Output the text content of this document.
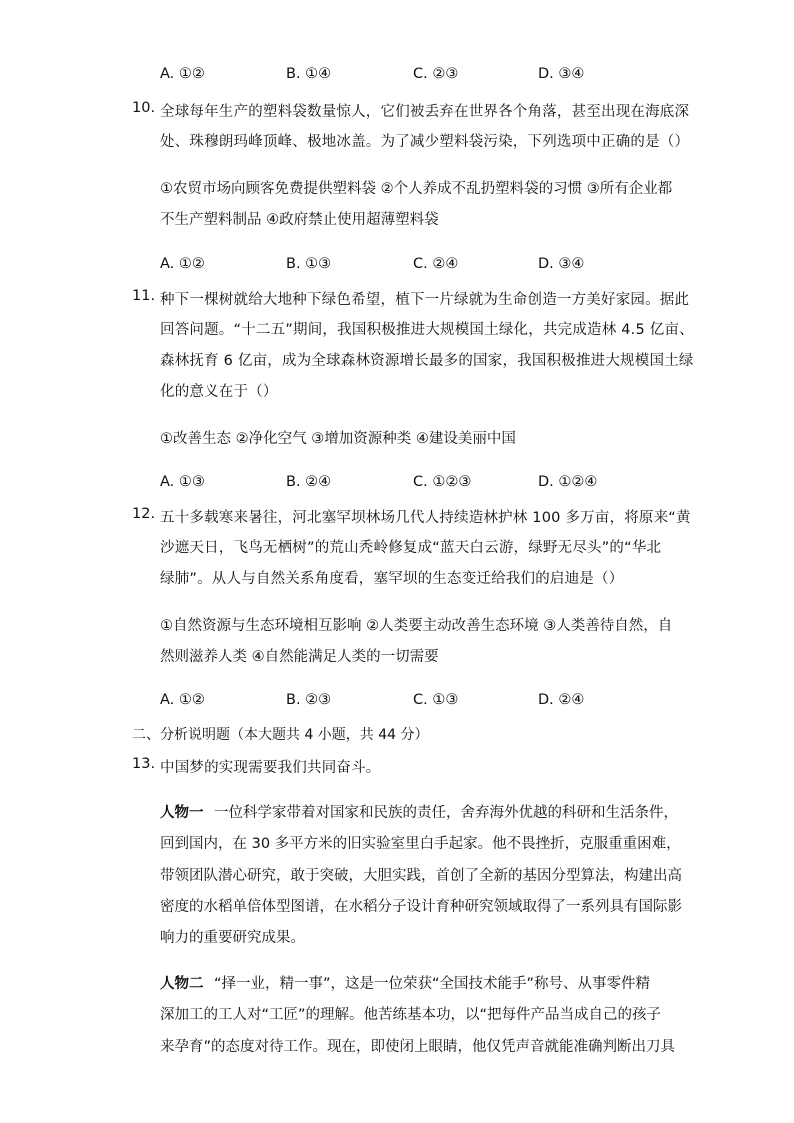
A. ①②	B. ①④	C. ②③	D. ③④
10. 全球每年生产的塑料袋数量惊人，它们被丢弃在世界各个角落，甚至出现在海底深
处、珠穆朗玛峰顶峰、极地冰盖。为了减少塑料袋污染，下列选项中正确的是（）
①农贸市场向顾客免费提供塑料袋 ②个人养成不乱扔塑料袋的习惯 ③所有企业都
不生产塑料制品 ④政府禁止使用超薄塑料袋
A. ①②	B. ①③	C. ②④	D. ③④
11. 种下一棵树就给大地种下绿色希望，植下一片绿就为生命创造一方美好家园。据此
回答问题。“十二五”期间，我国积极推进大规模国土绿化，共完成造林 4.5 亿亩、
森林抚育 6 亿亩，成为全球森林资源增长最多的国家，我国积极推进大规模国土绿
化的意义在于（）
①改善生态 ②净化空气 ③增加资源种类 ④建设美丽中国
A. ①③	B. ②④	C. ①②③	D. ①②④
12. 五十多载寒来暑往，河北塞罕坝林场几代人持续造林护林 100 多万亩，将原来“黄
沙遮天日，飞鸟无栖树”的荒山秃岭修复成“蓝天白云游，绿野无尽头”的“华北
绿肺”。从人与自然关系角度看，塞罕坝的生态变迁给我们的启迪是（）
①自然资源与生态环境相互影响 ②人类要主动改善生态环境 ③人类善待自然，自
然则滋养人类 ④自然能满足人类的一切需要
A. ①②	B. ②③	C. ①③	D. ②④
二、分析说明题（本大题共 4 小题，共 44 分）
13. 中国梦的实现需要我们共同奋斗。
人物一 一位科学家带着对国家和民族的责任，舍弃海外优越的科研和生活条件，
回到国内，在 30 多平方米的旧实验室里白手起家。他不畏挫折，克服重重困难，
带领团队潜心研究，敢于突破，大胆实践，首创了全新的基因分型算法，构建出高
密度的水稻单倍体型图谱，在水稻分子设计育种研究领域取得了一系列具有国际影
响力的重要研究成果。
人物二 “择一业，精一事”，这是一位荣获“全国技术能手”称号、从事零件精
深加工的工人对“工匠”的理解。他苦练基本功，以“把每件产品当成自己的孩子
来孕育”的态度对待工作。现在，即使闭上眼睛，他仅凭声音就能准确判断出刀具
